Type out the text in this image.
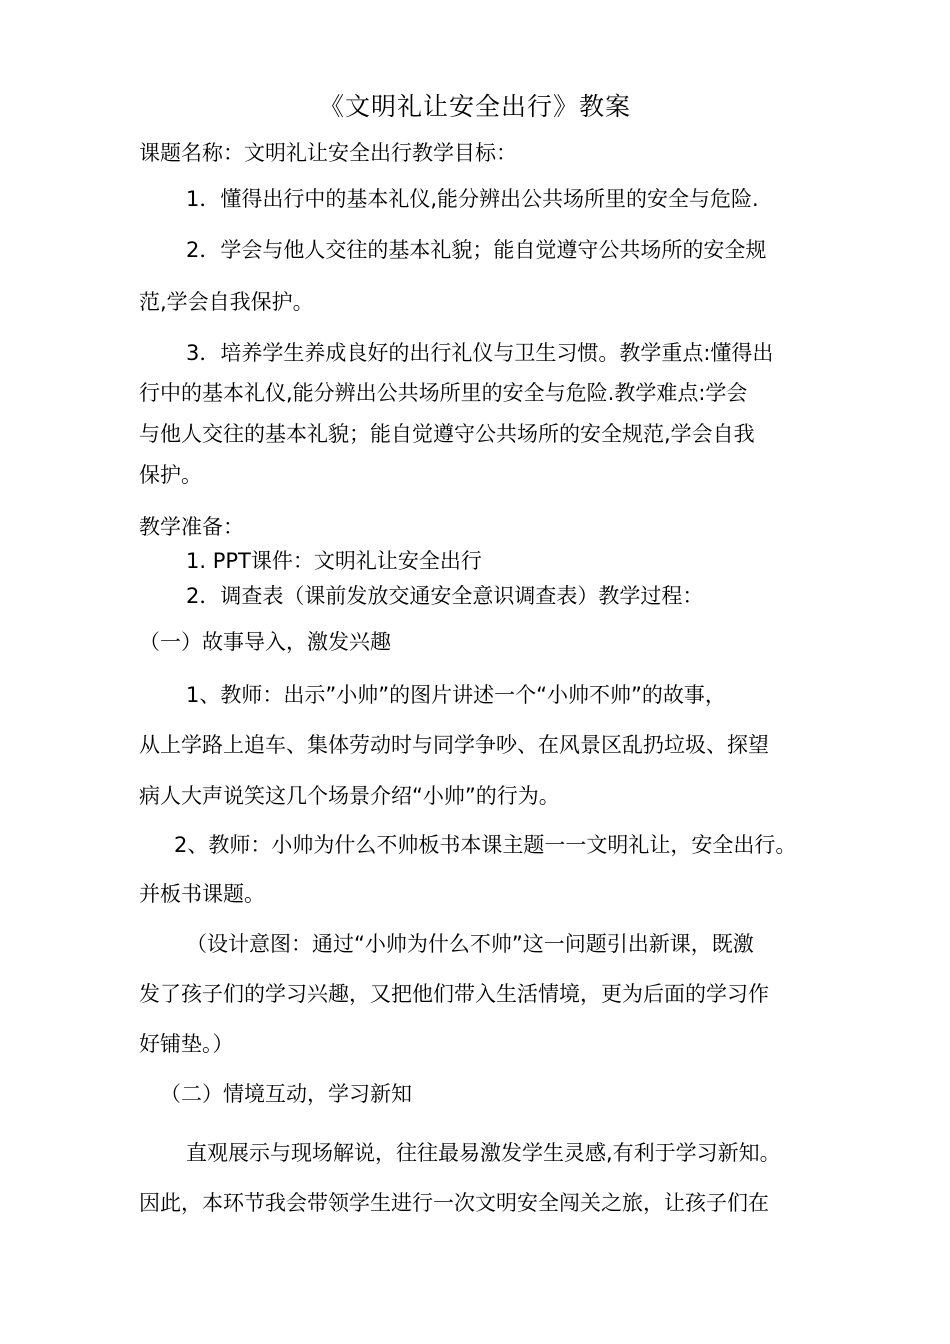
《文明礼让安全出行》教案
课题名称：文明礼让安全出行教学目标：
1．懂得出行中的基本礼仪,能分辨出公共场所里的安全与危险.
2．学会与他人交往的基本礼貌；能自觉遵守公共场所的安全规
范,学会自我保护。
3．培养学生养成良好的出行礼仪与卫生习惯。教学重点:懂得出
行中的基本礼仪,能分辨出公共场所里的安全与危险.教学难点:学会
与他人交往的基本礼貌；能自觉遵守公共场所的安全规范,学会自我
保护。
教学准备：
1. PPT课件：文明礼让安全出行
2．调查表（课前发放交通安全意识调查表）教学过程：
（一）故事导入，激发兴趣
1、教师：出示”小帅”的图片讲述一个“小帅不帅”的故事，
从上学路上追车、集体劳动时与同学争吵、在风景区乱扔垃圾、探望
病人大声说笑这几个场景介绍“小帅”的行为。
2、教师：小帅为什么不帅板书本课主题一一文明礼让，安全出行。
并板书课题。
（设计意图：通过“小帅为什么不帅”这一问题引出新课，既激
发了孩子们的学习兴趣，又把他们带入生活情境，更为后面的学习作
好铺垫。）
（二）情境互动，学习新知
直观展示与现场解说，往往最易激发学生灵感,有利于学习新知。
因此，本环节我会带领学生进行一次文明安全闯关之旅，让孩子们在
